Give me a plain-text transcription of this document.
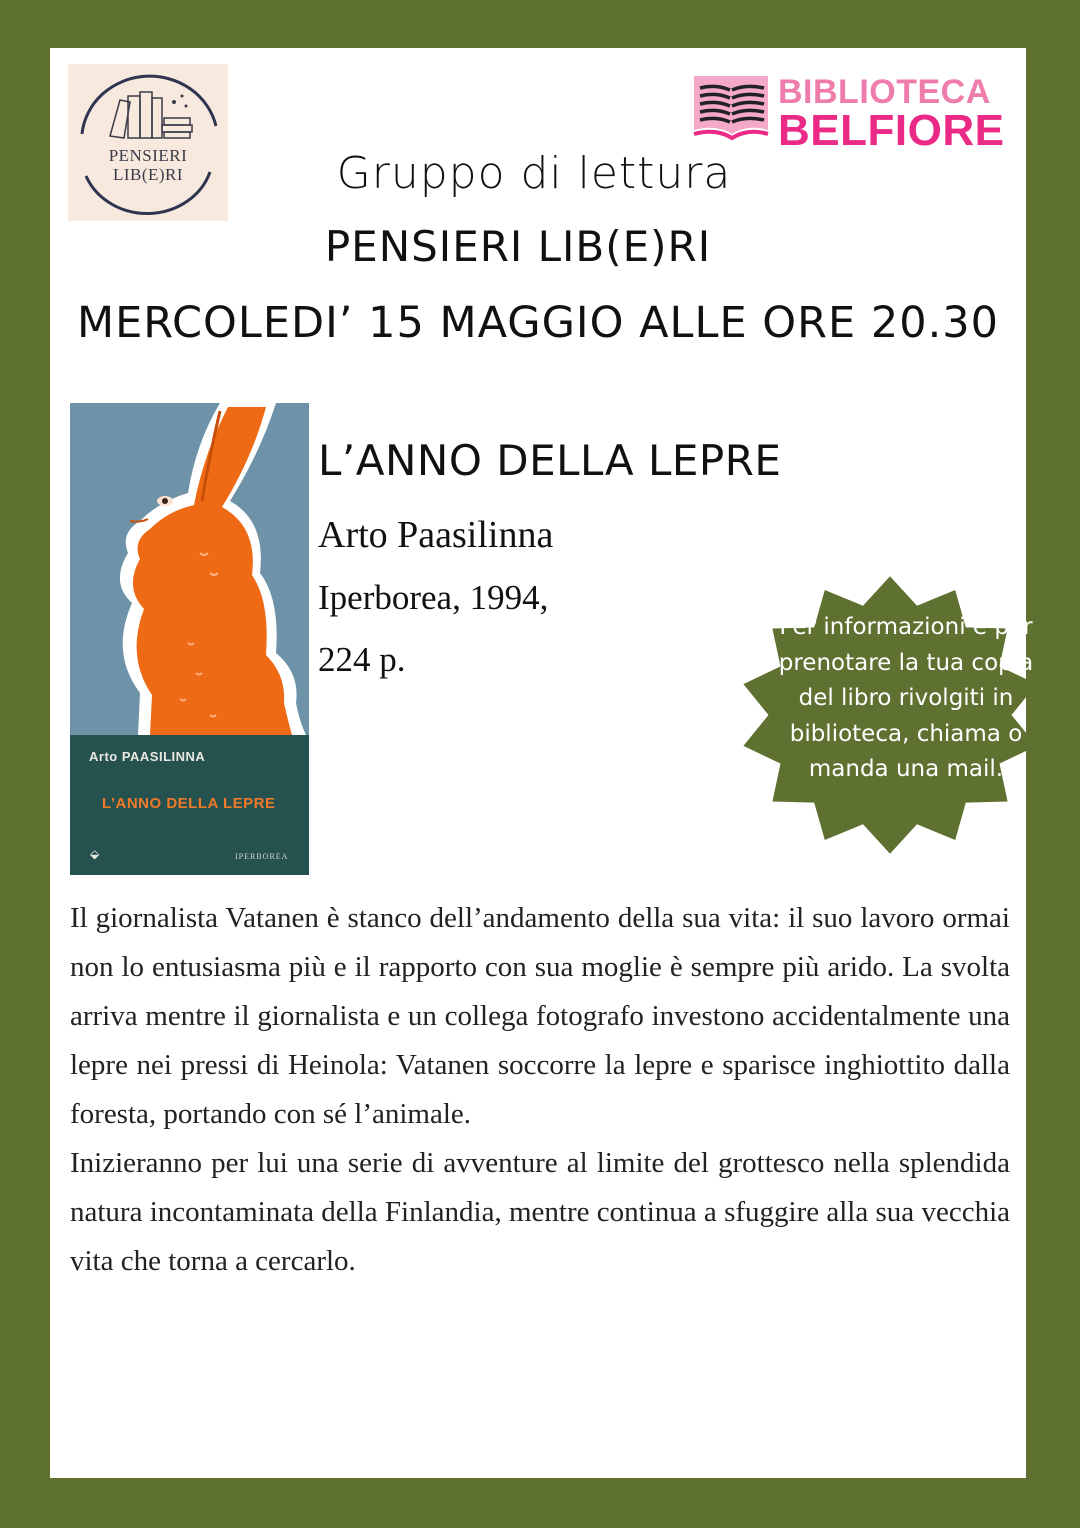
PENSIERI
LIB(E)RI
BIBLIOTECA
BELFIORE
Gruppo di lettura
PENSIERI LIB(E)RI
MERCOLEDI’ 15 MAGGIO ALLE ORE 20.30
Arto PAASILINNA
L’ANNO DELLA LEPRE
⬙	IPERBOREA
L’ANNO DELLA LEPRE
Arto Paasilinna
Iperborea, 1994,
224 p.
Per informazioni e per prenotare la tua copia del libro rivolgiti in biblioteca, chiama o manda una mail.

Il giornalista Vatanen è stanco dell’andamento della sua vita: il suo lavoro ormai non lo entusiasma più e il rapporto con sua moglie è sempre più arido. La svolta arriva mentre il giornalista e un collega fotografo investono accidentalmente una lepre nei pressi di Heinola: Vatanen soccorre la lepre e sparisce inghiottito dalla foresta, portando con sé l’animale.

Inizieranno per lui una serie di avventure al limite del grottesco nella splendida natura incontaminata della Finlandia, mentre continua a sfuggire alla sua vecchia vita che torna a cercarlo.
